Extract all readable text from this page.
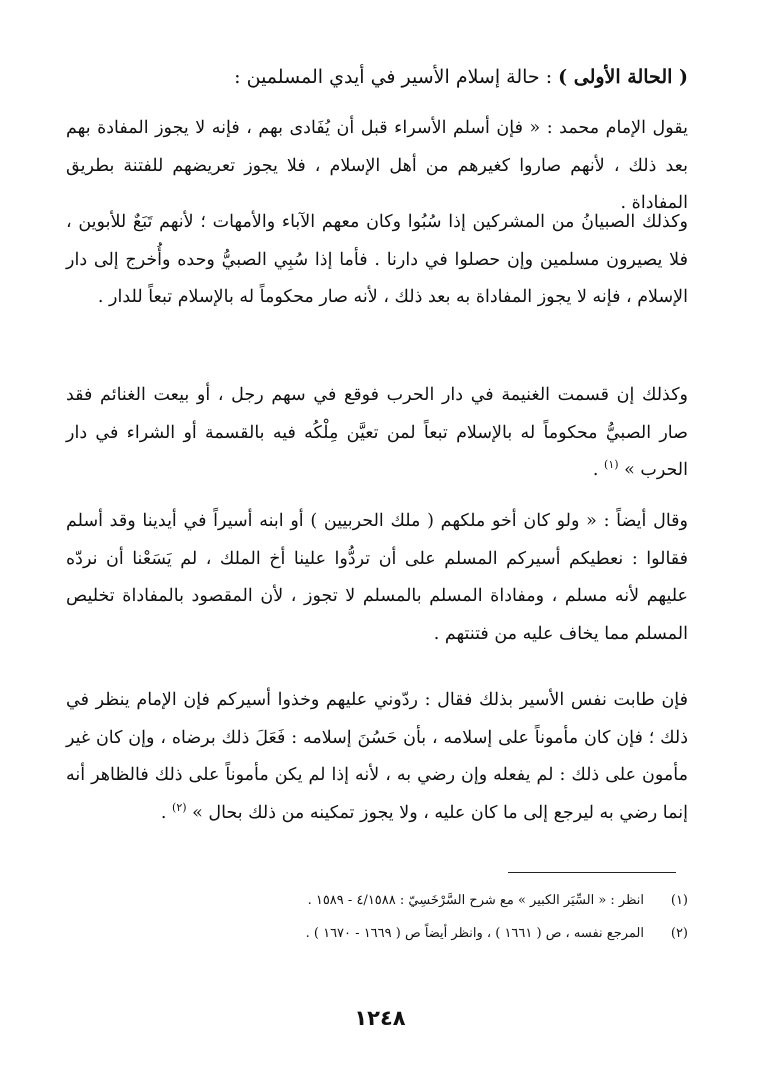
( الحالة الأولى ) : حالة إسلام الأسير في أيدي المسلمين :

يقول الإمام محمد : « فإن أسلم الأسراء قبل أن يُفَادى بهم ، فإنه لا يجوز المفادة بهم بعد ذلك ، لأنهم صاروا كغيرهم من أهل الإسلام ، فلا يجوز تعريضهم للفتنة بطريق المفاداة .

وكذلك الصبيانُ من المشركين إذا سُبُوا وكان معهم الآباء والأمهات ؛ لأنهم تَبَعٌ للأبوين ، فلا يصيرون مسلمين وإن حصلوا في دارنا . فأما إذا سُبِي الصبيُّ وحده وأُخرج إلى دار الإسلام ، فإنه لا يجوز المفاداة به بعد ذلك ، لأنه صار محكوماً له بالإسلام تبعاً للدار .

وكذلك إن قسمت الغنيمة في دار الحرب فوقع في سهم رجل ، أو بيعت الغنائم فقد صار الصبيُّ محكوماً له بالإسلام تبعاً لمن تعيَّن مِلْكُه فيه بالقسمة أو الشراء في دار الحرب » $^{(١)}$ .

وقال أيضاً : « ولو كان أخو ملكهم ( ملك الحربيين ) أو ابنه أسيراً في أيدينا وقد أسلم فقالوا : نعطيكم أسيركم المسلم على أن تردُّوا علينا أخ الملك ، لم يَسَعْنا أن نردّه عليهم لأنه مسلم ، ومفاداة المسلم بالمسلم لا تجوز ، لأن المقصود بالمفاداة تخليص المسلم مما يخاف عليه من فتنتهم .

فإن طابت نفس الأسير بذلك فقال : ردّوني عليهم وخذوا أسيركم فإن الإمام ينظر في ذلك ؛ فإن كان مأموناً على إسلامه ، بأن حَسُنَ إسلامه : فَعَلَ ذلك برضاه ، وإن كان غير مأمون على ذلك : لم يفعله وإن رضي به ، لأنه إذا لم يكن مأموناً على ذلك فالظاهر أنه إنما رضي به ليرجع إلى ما كان عليه ، ولا يجوز تمكينه من ذلك بحال » $^{(٢)}$ .

(١)
انظر : « السِّيَر الكبير » مع شرح السَّرْخَسِيّ : ٤/١٥٨٨ - ١٥٨٩ .
(٢)
المرجع نفسه ، ص ( ١٦٦١ ) ، وانظر أيضاً ص ( ١٦٦٩ - ١٦٧٠ ) .
١٢٤٨
